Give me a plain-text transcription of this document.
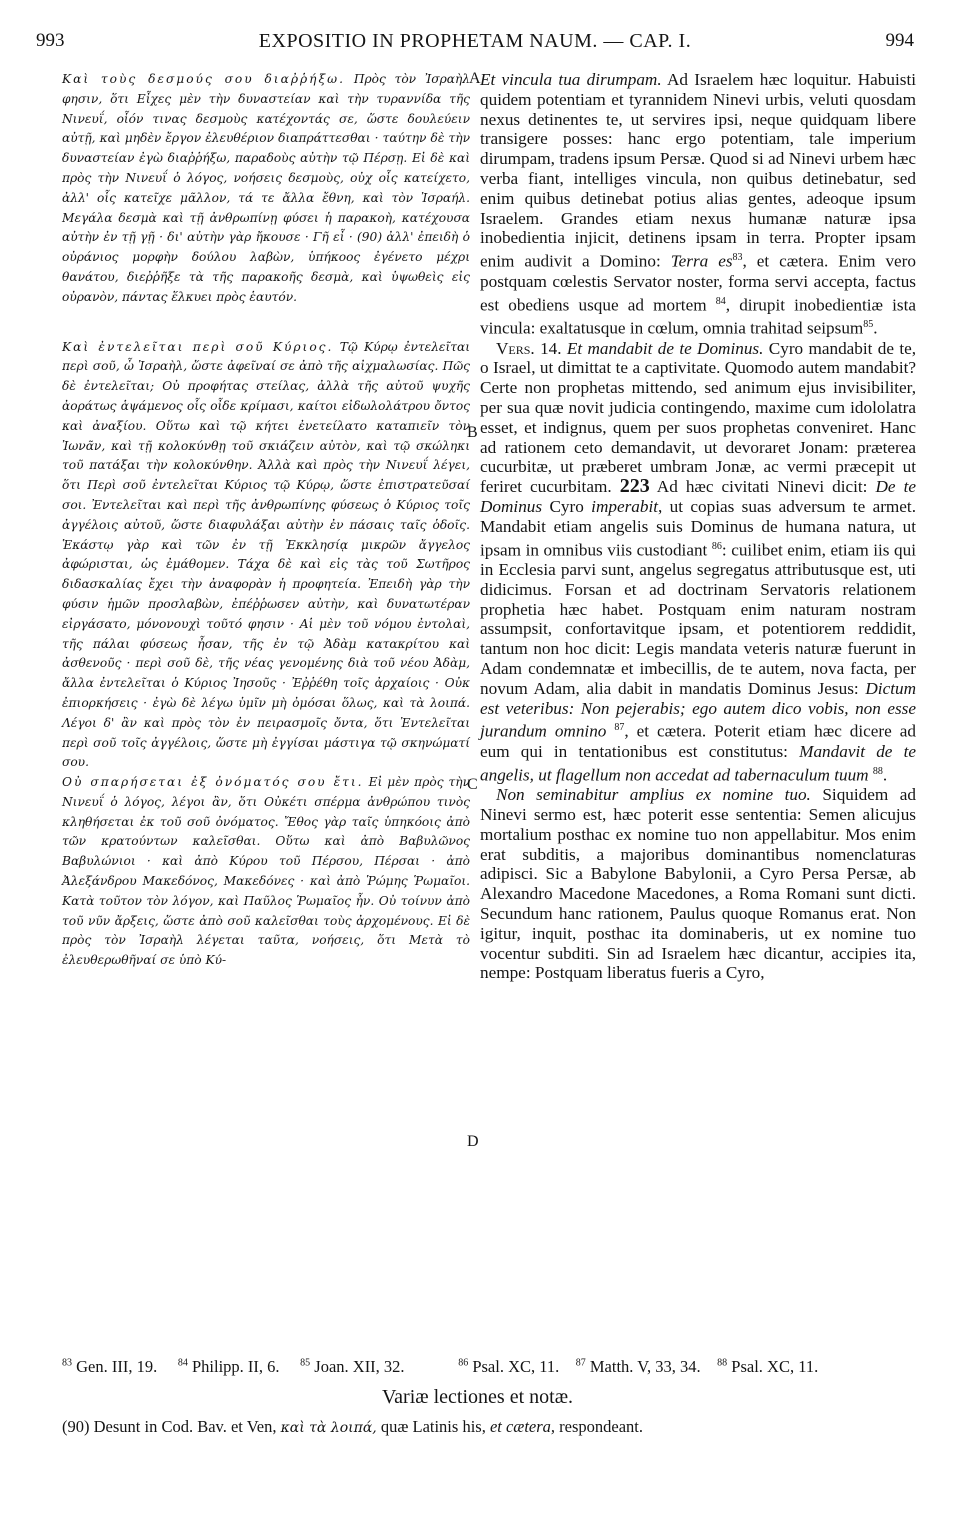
993	EXPOSITIO IN PROPHETAM NAUM. — CAP. I.	994
A
B
C
D

Καὶ τοὺς δεσμούς σου διαῤῥήξω. Πρὸς τὸν Ἰσραὴλ φησιν, ὅτι Εἶχες μὲν τὴν δυναστείαν καὶ τὴν τυραννίδα τῆς Νινευΐ, οἷόν τινας δεσμοὺς κατέχοντάς σε, ὥστε δουλεύειν αὐτῇ, καὶ μηδὲν ἔργον ἐλευθέριον διαπράττεσθαι · ταύτην δὲ τὴν δυναστείαν ἐγὼ διαῤῥήξω, παραδοὺς αὐτὴν τῷ Πέρσῃ. Εἰ δὲ καὶ πρὸς τὴν Νινευΐ ὁ λόγος, νοήσεις δεσμοὺς, οὐχ οἷς κατείχετο, ἀλλ' οἷς κατεῖχε μᾶλλον, τά τε ἄλλα ἔθνη, καὶ τὸν Ἰσραήλ. Μεγάλα δεσμὰ καὶ τῇ ἀνθρωπίνῃ φύσει ἡ παρακοὴ, κατέχουσα αὐτὴν ἐν τῇ γῇ · δι' αὐτὴν γὰρ ἤκουσε · Γῆ εἶ · (90) ἀλλ' ἐπειδὴ ὁ οὐράνιος μορφὴν δούλου λαβὼν, ὑπήκοος ἐγένετο μέχρι θανάτου, διεῤῥῆξε τὰ τῆς παρακοῆς δεσμὰ, καὶ ὑψωθεὶς εἰς οὐρανὸν, πάντας ἕλκυει πρὸς ἑαυτόν.

Καὶ ἐντελεῖται περὶ σοῦ Κύριος. Τῷ Κύρῳ ἐντελεῖται περὶ σοῦ, ὦ Ἰσραὴλ, ὥστε ἀφεῖναί σε ἀπὸ τῆς αἰχμαλωσίας. Πῶς δὲ ἐντελεῖται; Οὐ προφήτας στείλας, ἀλλὰ τῆς αὐτοῦ ψυχῆς ἀοράτως ἁψάμενος οἷς οἶδε κρίμασι, καίτοι εἰδωλολάτρου ὄντος καὶ ἀναξίου. Οὕτω καὶ τῷ κήτει ἐνετείλατο καταπιεῖν τὸν Ἰωνᾶν, καὶ τῇ κολοκύνθῃ τοῦ σκιάζειν αὐτὸν, καὶ τῷ σκώληκι τοῦ πατάξαι τὴν κολοκύνθην. Ἀλλὰ καὶ πρὸς τὴν Νινευΐ λέγει, ὅτι Περὶ σοῦ ἐντελεῖται Κύριος τῷ Κύρῳ, ὥστε ἐπιστρατεῦσαί σοι. Ἐντελεῖται καὶ περὶ τῆς ἀνθρωπίνης φύσεως ὁ Κύριος τοῖς ἀγγέλοις αὐτοῦ, ὥστε διαφυλάξαι αὐτὴν ἐν πάσαις ταῖς ὁδοῖς. Ἑκάστῳ γὰρ καὶ τῶν ἐν τῇ Ἐκκλησίᾳ μικρῶν ἄγγελος ἀφώρισται, ὡς ἐμάθομεν. Τάχα δὲ καὶ εἰς τὰς τοῦ Σωτῆρος διδασκαλίας ἔχει τὴν ἀναφορὰν ἡ προφητεία. Ἐπειδὴ γὰρ τὴν φύσιν ἡμῶν προσλαβὼν, ἐπέῤῥωσεν αὐτὴν, καὶ δυνατωτέραν εἰργάσατο, μόνονουχὶ τοῦτό φησιν · Αἱ μὲν τοῦ νόμου ἐντολαὶ, τῆς πάλαι φύσεως ἦσαν, τῆς ἐν τῷ Ἀδὰμ κατακρίτου καὶ ἀσθενοῦς · περὶ σοῦ δὲ, τῆς νέας γενομένης διὰ τοῦ νέου Ἀδὰμ, ἄλλα ἐντελεῖται ὁ Κύριος Ἰησοῦς · Ἐῤῥέθη τοῖς ἀρχαίοις · Οὐκ ἐπιορκήσεις · ἐγὼ δὲ λέγω ὑμῖν μὴ ὀμόσαι ὅλως, καὶ τὰ λοιπά. Λέγοι δ' ἂν καὶ πρὸς τὸν ἐν πειρασμοῖς ὄντα, ὅτι Ἐντελεῖται περὶ σοῦ τοῖς ἀγγέλοις, ὥστε μὴ ἐγγίσαι μάστιγα τῷ σκηνώματί σου.

Οὐ σπαρήσεται ἐξ ὀνόματός σου ἔτι. Εἰ μὲν πρὸς τὴν Νινευΐ ὁ λόγος, λέγοι ἂν, ὅτι Οὐκέτι σπέρμα ἀνθρώπου τινὸς κληθήσεται ἐκ τοῦ σοῦ ὀνόματος. Ἔθος γὰρ ταῖς ὑπηκόοις ἀπὸ τῶν κρατούντων καλεῖσθαι. Οὕτω καὶ ἀπὸ Βαβυλῶνος Βαβυλώνιοι · καὶ ἀπὸ Κύρου τοῦ Πέρσου, Πέρσαι · ἀπὸ Ἀλεξάνδρου Μακεδόνος, Μακεδόνες · καὶ ἀπὸ Ῥώμης Ῥωμαῖοι. Κατὰ τοῦτον τὸν λόγον, καὶ Παῦλος Ῥωμαῖος ἦν. Οὐ τοίνυν ἀπὸ τοῦ νῦν ἄρξεις, ὥστε ἀπὸ σοῦ καλεῖσθαι τοὺς ἀρχομένους. Εἰ δὲ πρὸς τὸν Ἰσραὴλ λέγεται ταῦτα, νοήσεις, ὅτι Μετὰ τὸ ἐλευθερωθῆναί σε ὑπὸ Κύ-

Et vincula tua dirumpam. Ad Israelem hæc loquitur. Habuisti quidem potentiam et tyrannidem Ninevi urbis, veluti quosdam nexus detinentes te, ut servires ipsi, neque quidquam libere transigere posses: hanc ergo potentiam, tale imperium dirumpam, tradens ipsum Persæ. Quod si ad Ninevi urbem hæc verba fiant, intelliges vincula, non quibus detinebatur, sed enim quibus detinebat potius alias gentes, adeoque ipsum Israelem. Grandes etiam nexus humanæ naturæ ipsa inobedientia injicit, detinens ipsam in terra. Propter ipsam enim audivit a Domino: Terra $es^{83}$, et cætera. Enim vero postquam cœlestis Servator noster, forma servi accepta, factus est obediens usque ad mortem $^{84}$, dirupit inobedientiæ ista vincula: exaltatusque in cœlum, omnia trahitad seipsum$^{85}$.

Vers. 14. Et mandabit de te Dominus. Cyro mandabit de te, o Israel, ut dimittat te a captivitate. Quomodo autem mandabit? Certe non prophetas mittendo, sed animum ejus invisibiliter, per sua quæ novit judicia contingendo, maxime cum idololatra esset, et indignus, quem per suos prophetas conveniret. Hanc ad rationem ceto demandavit, ut devoraret Jonam: præterea cucurbitæ, ut præberet umbram Jonæ, ac vermi præcepit ut feriret cucurbitam. 223 Ad hæc civitati Ninevi dicit: De te Dominus Cyro imperabit, ut copias suas adversum te armet. Mandabit etiam angelis suis Dominus de humana natura, ut ipsam in omnibus viis custodiant $^{86}$: cuilibet enim, etiam iis qui in Ecclesia parvi sunt, angelus segregatus attributusque est, uti didicimus. Forsan et ad doctrinam Servatoris relationem prophetia hæc habet. Postquam enim naturam nostram assumpsit, confortavitque ipsam, et potentiorem reddidit, tantum non hoc dicit: Legis mandata veteris naturæ fuerunt in Adam condemnatæ et imbecillis, de te autem, nova facta, per novum Adam, alia dabit in mandatis Dominus Jesus: Dictum est veteribus: Non pejerabis; ego autem dico vobis, non esse jurandum omnino $^{87}$, et cætera. Poterit etiam hæc dicere ad eum qui in tentationibus est constitutus: Mandavit de te angelis, ut flagellum non accedat ad tabernaculum tuum $^{88}$.

Non seminabitur amplius ex nomine tuo. Siquidem ad Ninevi sermo est, hæc poterit esse sententia: Semen alicujus mortalium posthac ex nomine tuo non appellabitur. Mos enim erat subditis, a majoribus dominantibus nomenclaturas adipisci. Sic a Babylone Babylonii, a Cyro Persa Persæ, ab Alexandro Macedone Macedones, a Roma Romani sunt dicti. Secundum hanc rationem, Paulus quoque Romanus erat. Non igitur, inquit, posthac ita dominaberis, ut ex nomine tuo vocentur subditi. Sin ad Israelem hæc dicantur, accipies ita, nempe: Postquam liberatus fueris a Cyro,

$^{83}$ Gen. III, 19. $^{84}$ Philipp. II, 6. $^{85}$ Joan. XII, 32.	$^{86}$ Psal. XC, 11. $^{87}$ Matth. V, 33, 34. $^{88}$ Psal. XC, 11.
Variæ lectiones et notæ.
(90) Desunt in Cod. Bav. et Ven, καὶ τὰ λοιπά, quæ Latinis his, et cætera, respondeant.
